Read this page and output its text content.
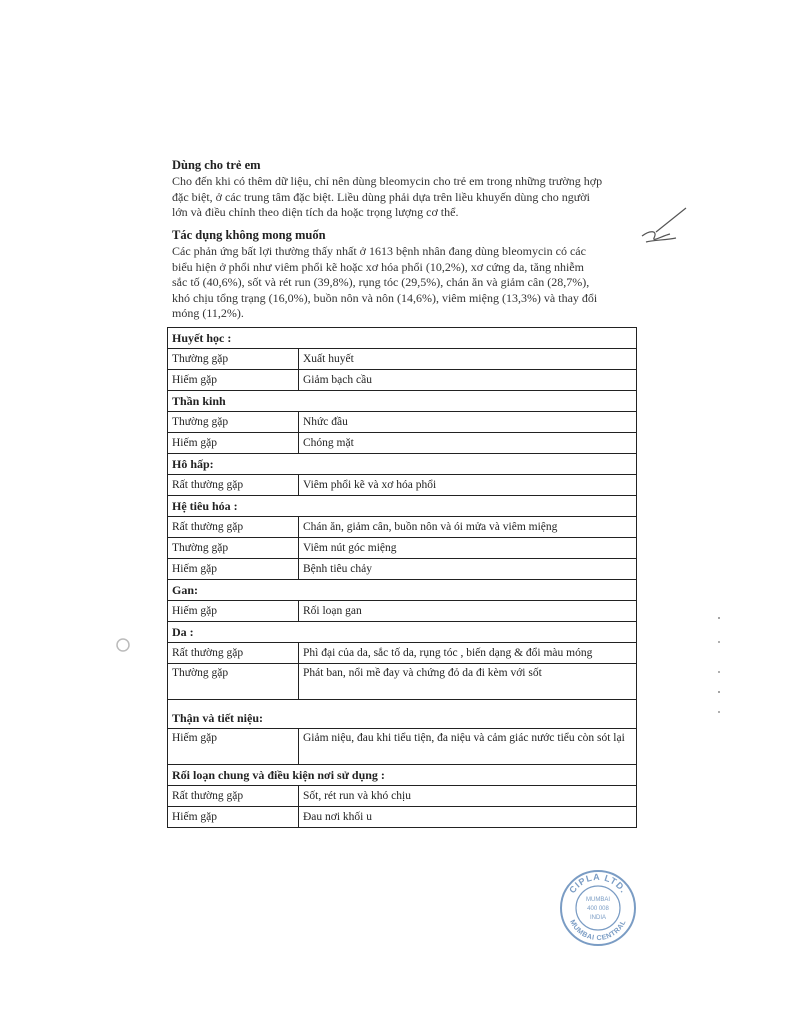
Dùng cho trẻ em
Cho đến khi có thêm dữ liệu, chỉ nên dùng bleomycin cho trẻ em trong những trường hợp
đặc biệt, ở các trung tâm đặc biệt. Liều dùng phải dựa trên liều khuyến dùng cho người
lớn và điều chỉnh theo diện tích da hoặc trọng lượng cơ thể.
Tác dụng không mong muốn
Các phản ứng bất lợi thường thấy nhất ở 1613 bệnh nhân đang dùng bleomycin có các
biểu hiện ở phổi như viêm phổi kẽ hoặc xơ hóa phổi (10,2%), xơ cứng da, tăng nhiễm
sắc tố (40,6%), sốt và rét run (39,8%), rụng tóc (29,5%), chán ăn và giảm cân (28,7%),
khó chịu tổng trạng (16,0%), buồn nôn và nôn (14,6%), viêm miệng (13,3%) và thay đổi
móng (11,2%).
Huyết học :	
Thường gặp	Xuất huyết
Hiếm gặp	Giảm bạch cầu
Thần kinh	
Thường gặp	Nhức đầu
Hiếm gặp	Chóng mặt
Hô hấp:	
Rất thường gặp	Viêm phổi kẽ và xơ hóa phổi
Hệ tiêu hóa :	
Rất thường gặp	Chán ăn, giảm cân, buồn nôn và ói mửa và viêm miệng
Thường gặp	Viêm nút góc miệng
Hiếm gặp	Bệnh tiêu chảy
Gan:	
Hiếm gặp	Rối loạn gan
Da :	
Rất thường gặp	Phì đại của da, sắc tố da, rụng tóc , biến dạng & đổi màu móng
Thường gặp	Phát ban, nổi mề đay và chứng đỏ da đi kèm với sốt
Thận và tiết niệu:	
Hiếm gặp	Giảm niệu, đau khi tiểu tiện, đa niệu và cảm giác nước tiểu còn sót lại
Rối loạn chung và điều kiện nơi sử dụng :	
Rất thường gặp	Sốt, rét run và khó chịu
Hiếm gặp	Đau nơi khối u
CIPLA LTD.
MUMBAI CENTRAL
MUMBAI
400 008
INDIA
